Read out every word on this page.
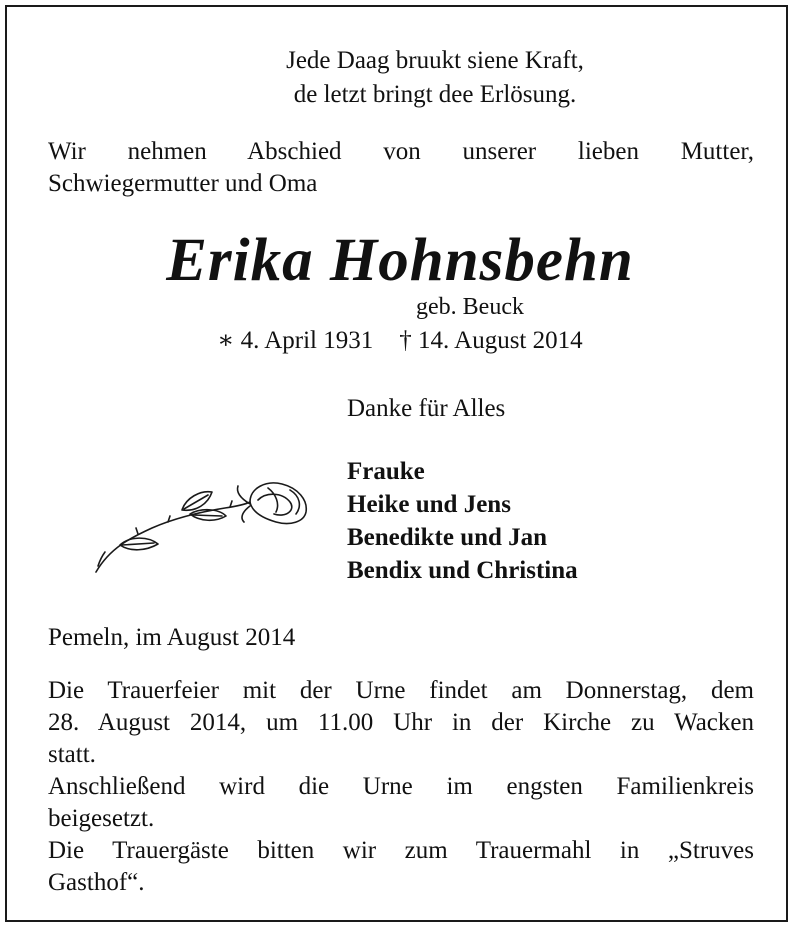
Jede Daag bruukt siene Kraft,
de letzt bringt dee Erlösung.
Wir nehmen Abschied von unserer lieben Mutter,
Schwiegermutter und Oma
Erika Hohnsbehn
geb. Beuck
∗ 4. April 1931 † 14. August 2014
Danke für Alles
Frauke
Heike und Jens
Benedikte und Jan
Bendix und Christina
Pemeln, im August 2014
Die Trauerfeier mit der Urne findet am Donnerstag, dem
28. August 2014, um 11.00 Uhr in der Kirche zu Wacken
statt.
Anschließend wird die Urne im engsten Familienkreis
beigesetzt.
Die Trauergäste bitten wir zum Trauermahl in „Struves
Gasthof“.
